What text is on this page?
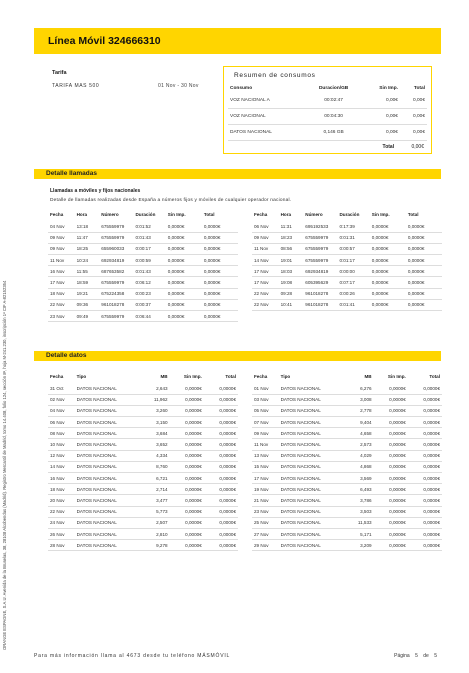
ORANGE ESPAGNE, S.A.U. Avenida de la Bruselas, 38, 28108 Alcobendas (Madrid). Registro Mercantil de Madrid, tomo 14.408, folio 124, sección 8ª, hoja M-241.230, inscripción 1ª CIF A-82152354
Línea Móvil 324666310
Tarifa
TARIFA MAS 500	01 Nov - 30 Nov
Resumen de consumos
Consumo	Duracion/GB	Sin Imp.	Total
VOZ NACIONAL A	00:02:47	0,00€	0,00€
VOZ NACIONAL	00:04:30	0,00€	0,00€
DATOS NACIONAL	0,146 GB	0,00€	0,00€
Total	0,00€
Detalle llamadas
Llamadas a móviles y fijos nacionales
Detalle de llamadas realizadas desde España a números fijos y móviles de cualquier operador nacional.
Fecha	Hora	Número	Duración	Sin Imp.	Total
04 Nov	13:18	675559979	0:01:52	0,0000€	0,0000€
09 Nov	11:47	675559979	0:01:43	0,0000€	0,0000€
09 Nov	18:25	655960033	0:00:17	0,0000€	0,0000€
11 Nov	10:24	692934819	0:00:59	0,0000€	0,0000€
16 Nov	11:55	687653582	0:01:43	0,0000€	0,0000€
17 Nov	18:59	675559979	0:06:12	0,0000€	0,0000€
18 Nov	19:21	675224358	0:00:23	0,0000€	0,0000€
22 Nov	09:36	961018278	0:00:37	0,0000€	0,0000€
23 Nov	09:49	675559979	0:06:44	0,0000€	0,0000€
Fecha	Hora	Número	Duración	Sin Imp.	Total
06 Nov	11:31	695192533	0:17:39	0,0000€	0,0000€
09 Nov	18:23	675559979	0:01:31	0,0000€	0,0000€
11 Nov	08:56	675559979	0:00:57	0,0000€	0,0000€
14 Nov	19:01	675559979	0:01:17	0,0000€	0,0000€
17 Nov	18:03	692934819	0:00:00	0,0000€	0,0000€
17 Nov	19:08	605395629	0:07:17	0,0000€	0,0000€
22 Nov	09:28	961018278	0:00:26	0,0000€	0,0000€
22 Nov	10:41	961018278	0:01:41	0,0000€	0,0000€
Detalle datos
Fecha	Tipo	MB	Sin Imp.	Total
31 Oct	DATOS NACIONAL	2,643	0,0000€	0,0000€
02 Nov	DATOS NACIONAL	11,962	0,0000€	0,0000€
04 Nov	DATOS NACIONAL	3,260	0,0000€	0,0000€
06 Nov	DATOS NACIONAL	3,150	0,0000€	0,0000€
08 Nov	DATOS NACIONAL	3,684	0,0000€	0,0000€
10 Nov	DATOS NACIONAL	3,652	0,0000€	0,0000€
12 Nov	DATOS NACIONAL	4,334	0,0000€	0,0000€
14 Nov	DATOS NACIONAL	8,760	0,0000€	0,0000€
16 Nov	DATOS NACIONAL	6,721	0,0000€	0,0000€
18 Nov	DATOS NACIONAL	2,714	0,0000€	0,0000€
20 Nov	DATOS NACIONAL	3,477	0,0000€	0,0000€
22 Nov	DATOS NACIONAL	5,773	0,0000€	0,0000€
24 Nov	DATOS NACIONAL	2,507	0,0000€	0,0000€
26 Nov	DATOS NACIONAL	2,810	0,0000€	0,0000€
28 Nov	DATOS NACIONAL	9,278	0,0000€	0,0000€
Fecha	Tipo	MB	Sin Imp.	Total
01 Nov	DATOS NACIONAL	6,276	0,0000€	0,0000€
03 Nov	DATOS NACIONAL	3,008	0,0000€	0,0000€
05 Nov	DATOS NACIONAL	2,778	0,0000€	0,0000€
07 Nov	DATOS NACIONAL	9,404	0,0000€	0,0000€
09 Nov	DATOS NACIONAL	4,658	0,0000€	0,0000€
11 Nov	DATOS NACIONAL	2,573	0,0000€	0,0000€
13 Nov	DATOS NACIONAL	4,029	0,0000€	0,0000€
15 Nov	DATOS NACIONAL	4,868	0,0000€	0,0000€
17 Nov	DATOS NACIONAL	3,569	0,0000€	0,0000€
19 Nov	DATOS NACIONAL	6,493	0,0000€	0,0000€
21 Nov	DATOS NACIONAL	3,786	0,0000€	0,0000€
23 Nov	DATOS NACIONAL	3,503	0,0000€	0,0000€
25 Nov	DATOS NACIONAL	11,533	0,0000€	0,0000€
27 Nov	DATOS NACIONAL	5,171	0,0000€	0,0000€
29 Nov	DATOS NACIONAL	3,209	0,0000€	0,0000€
Para más información llama al 4673 desde tu teléfono MÁSMÓVIL	Página 5 de 5
